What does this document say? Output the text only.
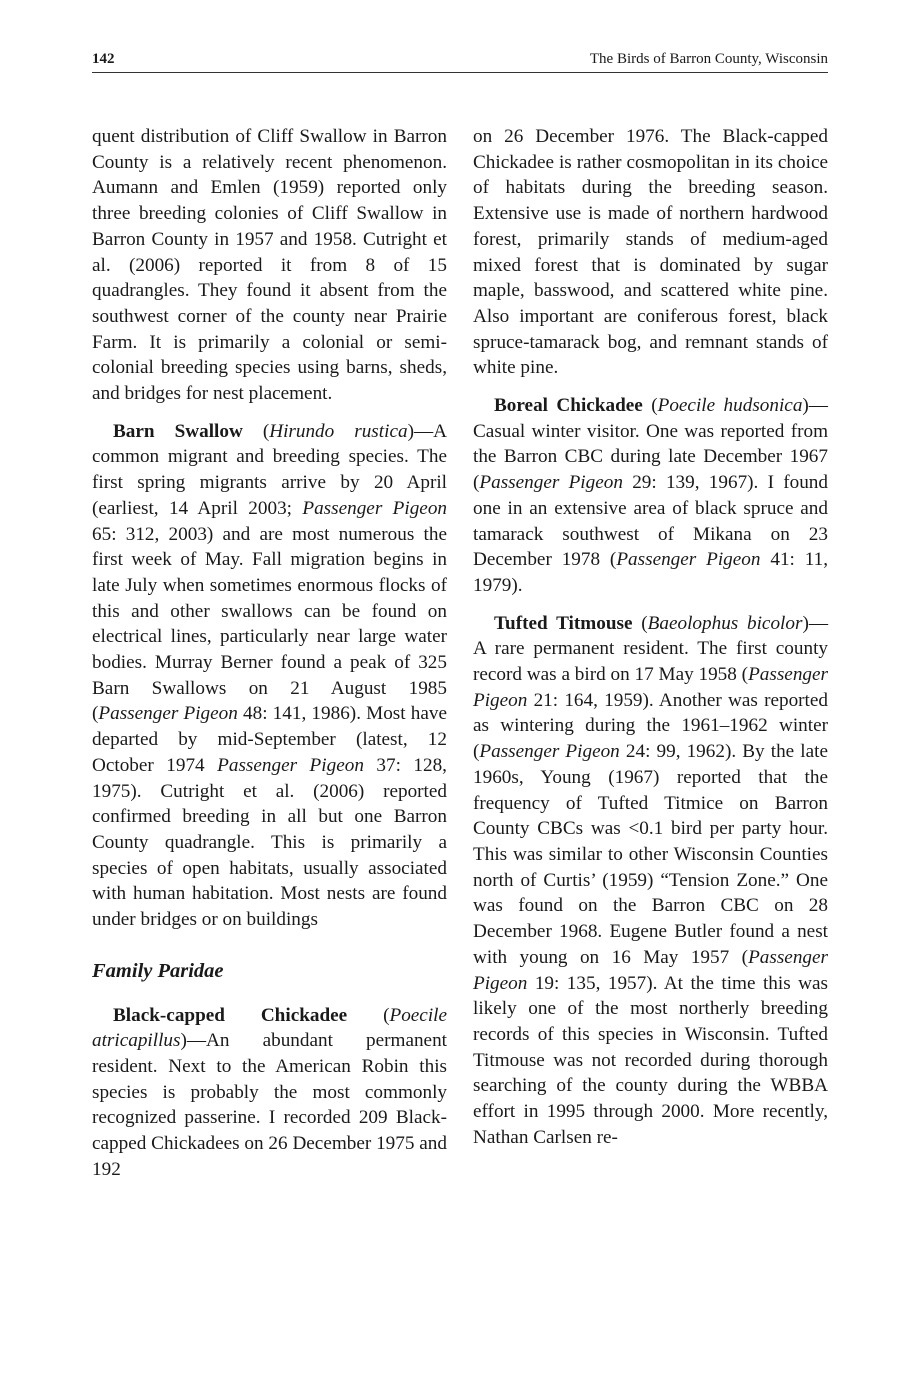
142	The Birds of Barron County, Wisconsin

quent distribution of Cliff Swallow in Barron County is a relatively recent phenomenon. Aumann and Emlen (1959) reported only three breeding colonies of Cliff Swallow in Barron County in 1957 and 1958. Cutright et al. (2006) reported it from 8 of 15 quadrangles. They found it absent from the southwest corner of the county near Prairie Farm. It is primarily a colonial or semi-colonial breeding species using barns, sheds, and bridges for nest placement.

Barn Swallow (Hirundo rustica)—A common migrant and breeding species. The first spring migrants arrive by 20 April (earliest, 14 April 2003; Passenger Pigeon 65: 312, 2003) and are most numerous the first week of May. Fall migration begins in late July when sometimes enormous flocks of this and other swallows can be found on electrical lines, particularly near large water bodies. Murray Berner found a peak of 325 Barn Swallows on 21 August 1985 (Passenger Pigeon 48: 141, 1986). Most have departed by mid-September (latest, 12 October 1974 Passenger Pigeon 37: 128, 1975). Cutright et al. (2006) reported confirmed breeding in all but one Barron County quadrangle. This is primarily a species of open habitats, usually associated with human habitation. Most nests are found under bridges or on buildings

Family Paridae

Black-capped Chickadee (Poecile atricapillus)—An abundant permanent resident. Next to the American Robin this species is probably the most commonly recognized passerine. I recorded 209 Black-capped Chickadees on 26 December 1975 and 192

on 26 December 1976. The Black-capped Chickadee is rather cosmopolitan in its choice of habitats during the breeding season. Extensive use is made of northern hardwood forest, primarily stands of medium-aged mixed forest that is dominated by sugar maple, basswood, and scattered white pine. Also important are coniferous forest, black spruce-tamarack bog, and remnant stands of white pine.

Boreal Chickadee (Poecile hudsonica)—Casual winter visitor. One was reported from the Barron CBC during late December 1967 (Passenger Pigeon 29: 139, 1967). I found one in an extensive area of black spruce and tamarack southwest of Mikana on 23 December 1978 (Passenger Pigeon 41: 11, 1979).

Tufted Titmouse (Baeolophus bicolor)—A rare permanent resident. The first county record was a bird on 17 May 1958 (Passenger Pigeon 21: 164, 1959). Another was reported as wintering during the 1961–1962 winter (Passenger Pigeon 24: 99, 1962). By the late 1960s, Young (1967) reported that the frequency of Tufted Titmice on Barron County CBCs was <0.1 bird per party hour. This was similar to other Wisconsin Counties north of Curtis’ (1959) “Tension Zone.” One was found on the Barron CBC on 28 December 1968. Eugene Butler found a nest with young on 16 May 1957 (Passenger Pigeon 19: 135, 1957). At the time this was likely one of the most northerly breeding records of this species in Wisconsin. Tufted Titmouse was not recorded during thorough searching of the county during the WBBA effort in 1995 through 2000. More recently, Nathan Carlsen re-
